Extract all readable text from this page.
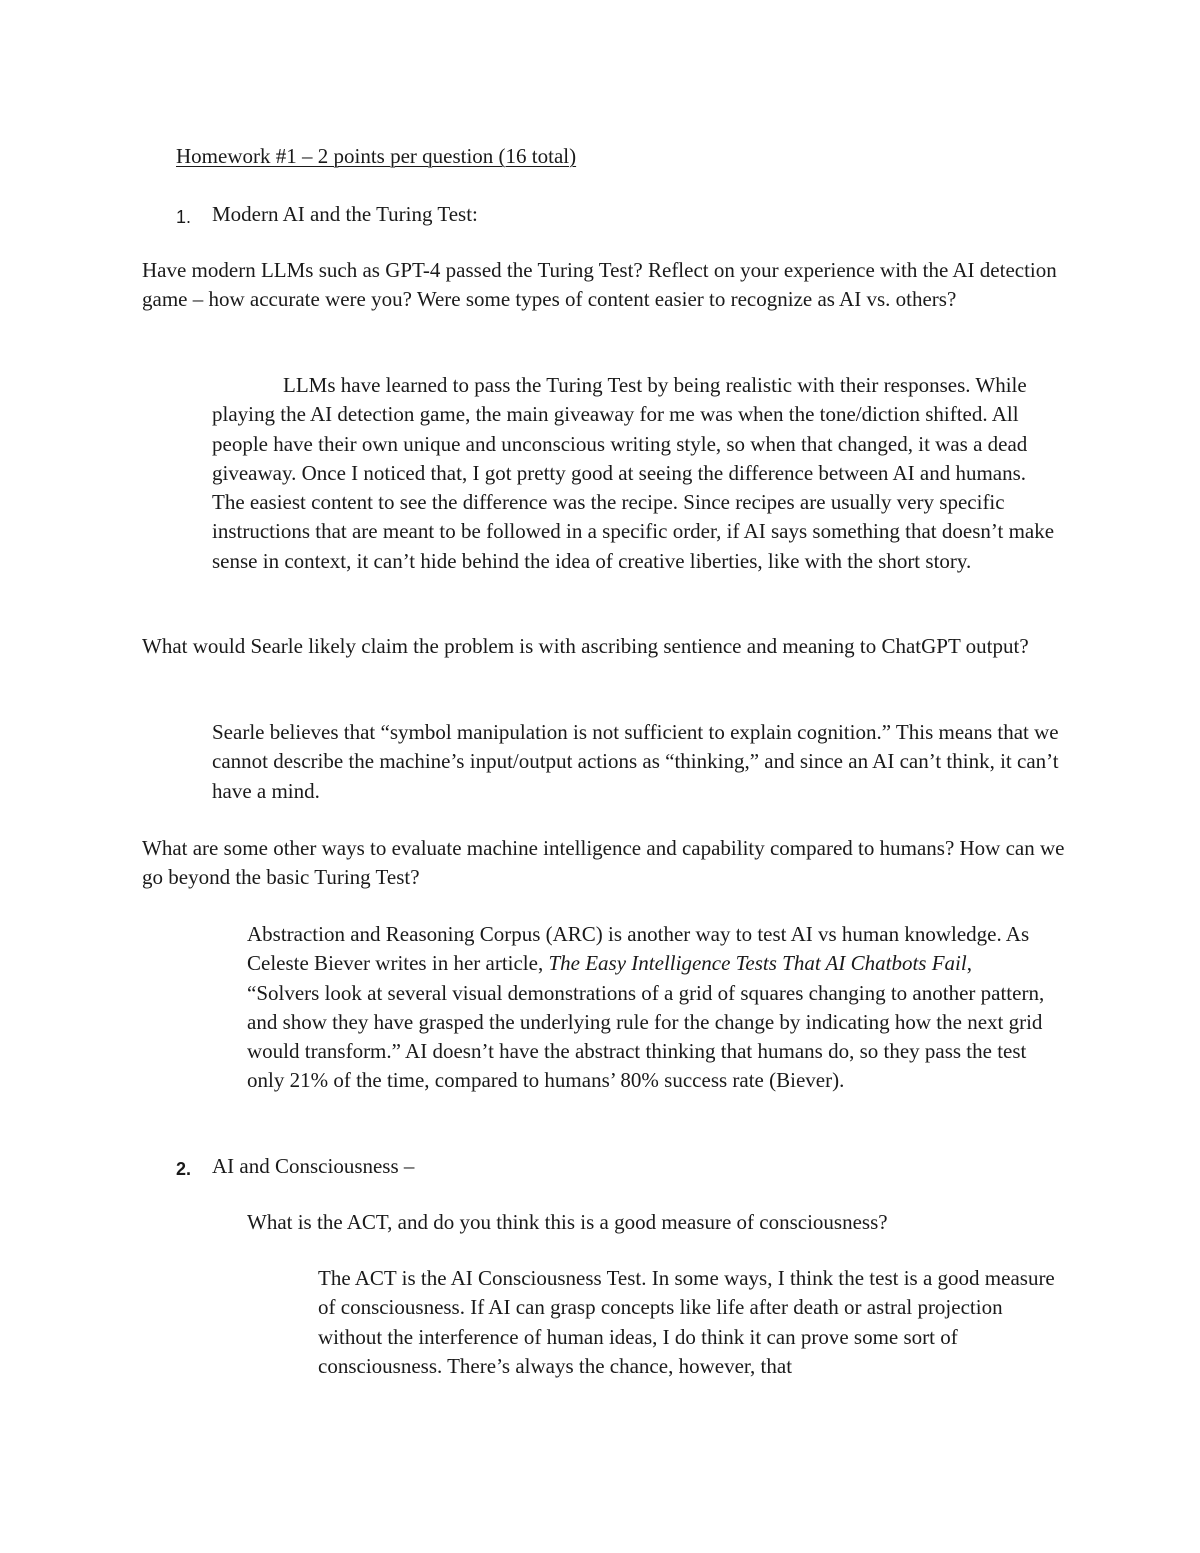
Homework #1 – 2 points per question (16 total)

1. Modern AI and the Turing Test:

Have modern LLMs such as GPT-4 passed the Turing Test? Reflect on your experience with the AI detection game – how accurate were you? Were some types of content easier to recognize as AI vs. others?

LLMs have learned to pass the Turing Test by being realistic with their responses. While playing the AI detection game, the main giveaway for me was when the tone/diction shifted. All people have their own unique and unconscious writing style, so when that changed, it was a dead giveaway. Once I noticed that, I got pretty good at seeing the difference between AI and humans. The easiest content to see the difference was the recipe. Since recipes are usually very specific instructions that are meant to be followed in a specific order, if AI says something that doesn’t make sense in context, it can’t hide behind the idea of creative liberties, like with the short story.

What would Searle likely claim the problem is with ascribing sentience and meaning to ChatGPT output?

Searle believes that “symbol manipulation is not sufficient to explain cognition.” This means that we cannot describe the machine’s input/output actions as “thinking,” and since an AI can’t think, it can’t have a mind.

What are some other ways to evaluate machine intelligence and capability compared to humans? How can we go beyond the basic Turing Test?

Abstraction and Reasoning Corpus (ARC) is another way to test AI vs human knowledge. As Celeste Biever writes in her article, The Easy Intelligence Tests That AI Chatbots Fail, “Solvers look at several visual demonstrations of a grid of squares changing to another pattern, and show they have grasped the underlying rule for the change by indicating how the next grid would transform.” AI doesn’t have the abstract thinking that humans do, so they pass the test only 21% of the time, compared to humans’ 80% success rate (Biever).

2. AI and Consciousness –

What is the ACT, and do you think this is a good measure of consciousness?

The ACT is the AI Consciousness Test. In some ways, I think the test is a good measure of consciousness. If AI can grasp concepts like life after death or astral projection without the interference of human ideas, I do think it can prove some sort of consciousness. There’s always the chance, however, that
